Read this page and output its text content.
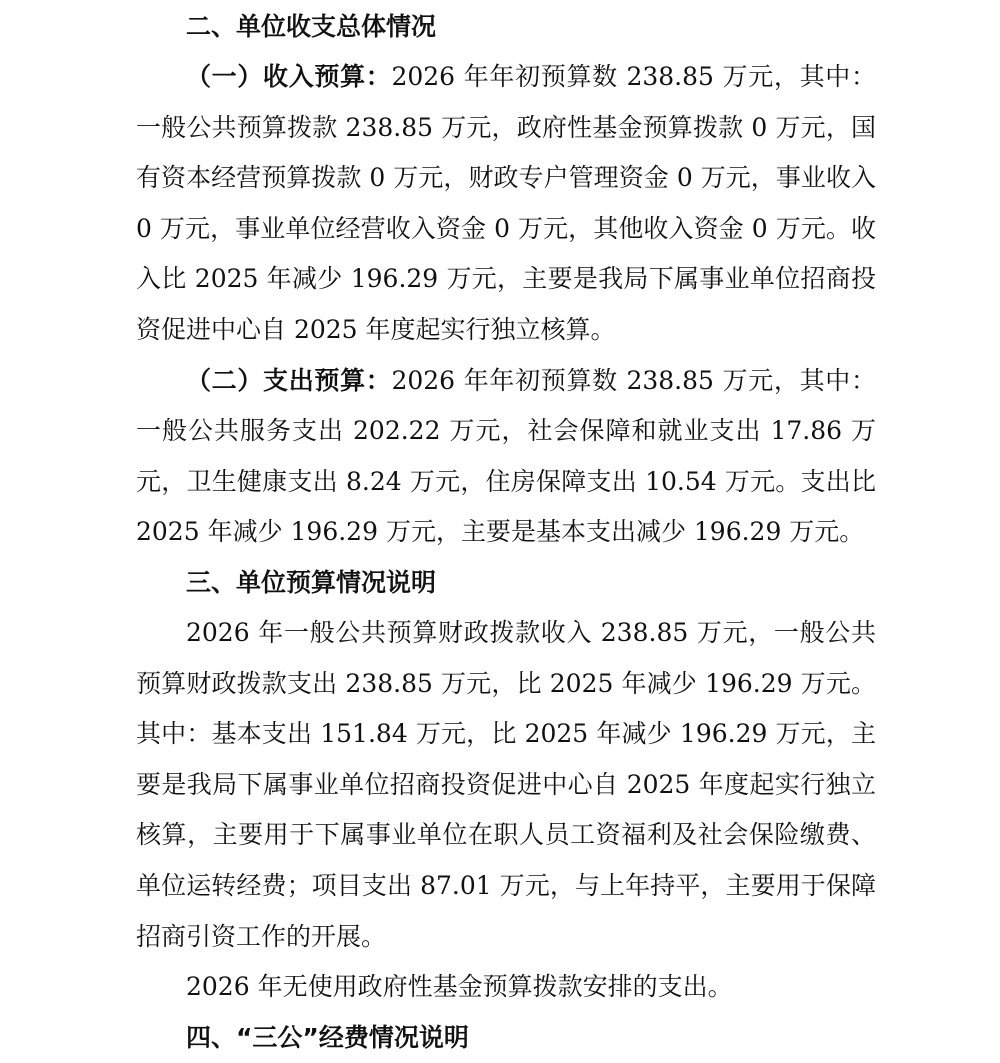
二、单位收支总体情况

（一）收入预算：2026 年年初预算数 238.85 万元，其中：一般公共预算拨款 238.85 万元，政府性基金预算拨款 0 万元，国有资本经营预算拨款 0 万元，财政专户管理资金 0 万元，事业收入 0 万元，事业单位经营收入资金 0 万元，其他收入资金 0 万元。收入比 2025 年减少 196.29 万元，主要是我局下属事业单位招商投资促进中心自 2025 年度起实行独立核算。

（二）支出预算：2026 年年初预算数 238.85 万元，其中：一般公共服务支出 202.22 万元，社会保障和就业支出 17.86 万元，卫生健康支出 8.24 万元，住房保障支出 10.54 万元。支出比 2025 年减少 196.29 万元，主要是基本支出减少 196.29 万元。

三、单位预算情况说明

2026 年一般公共预算财政拨款收入 238.85 万元，一般公共预算财政拨款支出 238.85 万元，比 2025 年减少 196.29 万元。其中：基本支出 151.84 万元，比 2025 年减少 196.29 万元，主要是我局下属事业单位招商投资促进中心自 2025 年度起实行独立核算，主要用于下属事业单位在职人员工资福利及社会保险缴费、单位运转经费；项目支出 87.01 万元，与上年持平，主要用于保障招商引资工作的开展。

2026 年无使用政府性基金预算拨款安排的支出。

四、“三公”经费情况说明
